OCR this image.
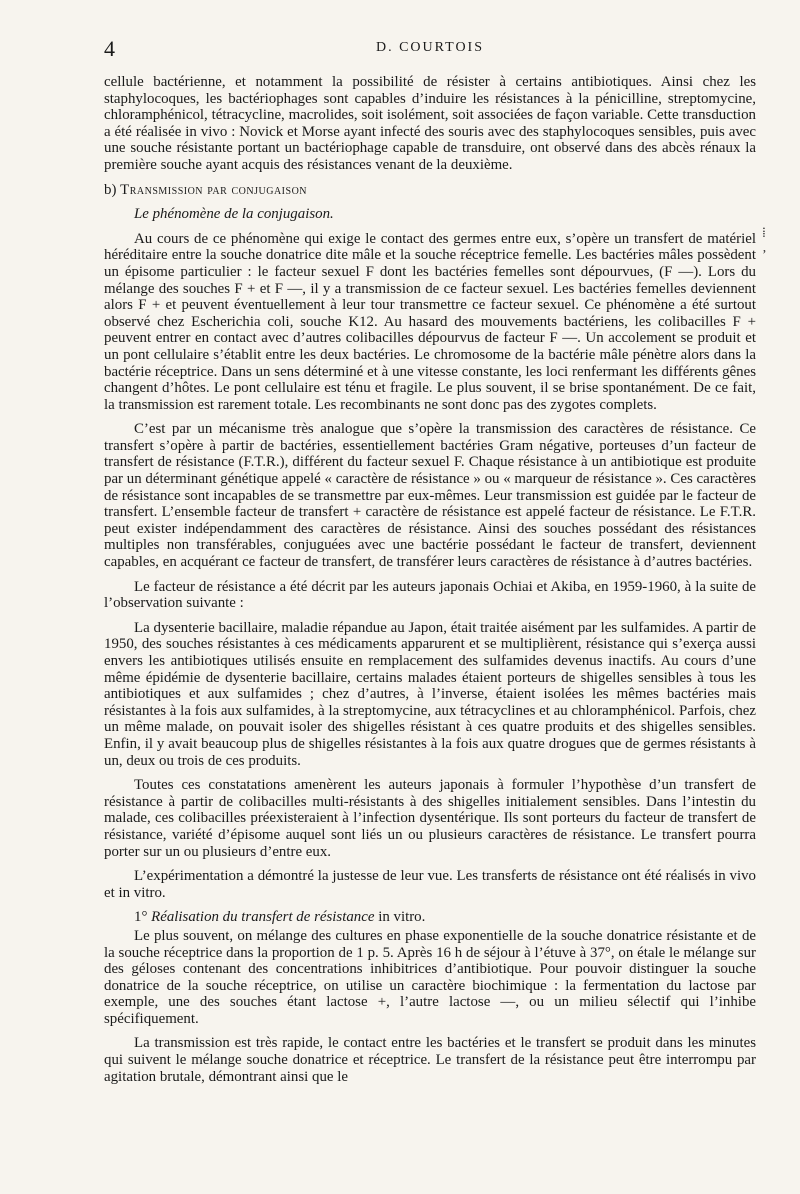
4	D. COURTOIS
⁞
ʼ

cellule bactérienne, et notamment la possibilité de résister à certains antibiotiques. Ainsi chez les staphylocoques, les bactériophages sont capables d’induire les résistances à la pénicilline, streptomycine, chloramphénicol, tétracycline, macrolides, soit isolément, soit associées de façon variable. Cette transduction a été réalisée in vivo : Novick et Morse ayant infecté des souris avec des staphylocoques sensibles, puis avec une souche résistante portant un bactériophage capable de transduire, ont observé dans des abcès rénaux la première souche ayant acquis des résistances venant de la deuxième.

b) Transmission par conjugaison

Le phénomène de la conjugaison.

Au cours de ce phénomène qui exige le contact des germes entre eux, s’opère un transfert de matériel héréditaire entre la souche donatrice dite mâle et la souche réceptrice femelle. Les bactéries mâles possèdent un épisome particulier : le facteur sexuel F dont les bactéries femelles sont dépourvues, (F —). Lors du mélange des souches F + et F —, il y a transmission de ce facteur sexuel. Les bactéries femelles deviennent alors F + et peuvent éventuellement à leur tour transmettre ce facteur sexuel. Ce phénomène a été surtout observé chez Escherichia coli, souche K12. Au hasard des mouvements bactériens, les colibacilles F + peuvent entrer en contact avec d’autres colibacilles dépourvus de facteur F —. Un accolement se produit et un pont cellulaire s’établit entre les deux bactéries. Le chromosome de la bactérie mâle pénètre alors dans la bactérie réceptrice. Dans un sens déterminé et à une vitesse constante, les loci renfermant les différents gênes changent d’hôtes. Le pont cellulaire est ténu et fragile. Le plus souvent, il se brise spontanément. De ce fait, la transmission est rarement totale. Les recombinants ne sont donc pas des zygotes complets.

C’est par un mécanisme très analogue que s’opère la transmission des caractères de résistance. Ce transfert s’opère à partir de bactéries, essentiellement bactéries Gram négative, porteuses d’un facteur de transfert de résistance (F.T.R.), différent du facteur sexuel F. Chaque résistance à un antibiotique est produite par un déterminant génétique appelé « caractère de résistance » ou « marqueur de résistance ». Ces caractères de résistance sont incapables de se transmettre par eux-mêmes. Leur transmission est guidée par le facteur de transfert. L’ensemble facteur de transfert + caractère de résistance est appelé facteur de résistance. Le F.T.R. peut exister indépendamment des caractères de résistance. Ainsi des souches possédant des résistances multiples non transférables, conjuguées avec une bactérie possédant le facteur de transfert, deviennent capables, en acquérant ce facteur de transfert, de transférer leurs caractères de résistance à d’autres bactéries.

Le facteur de résistance a été décrit par les auteurs japonais Ochiai et Akiba, en 1959-1960, à la suite de l’observation suivante :

La dysenterie bacillaire, maladie répandue au Japon, était traitée aisément par les sulfamides. A partir de 1950, des souches résistantes à ces médicaments apparurent et se multiplièrent, résistance qui s’exerça aussi envers les antibiotiques utilisés ensuite en remplacement des sulfamides devenus inactifs. Au cours d’une même épidémie de dysenterie bacillaire, certains malades étaient porteurs de shigelles sensibles à tous les antibiotiques et aux sulfamides ; chez d’autres, à l’inverse, étaient isolées les mêmes bactéries mais résistantes à la fois aux sulfamides, à la streptomycine, aux tétracyclines et au chloramphénicol. Parfois, chez un même malade, on pouvait isoler des shigelles résistant à ces quatre produits et des shigelles sensibles. Enfin, il y avait beaucoup plus de shigelles résistantes à la fois aux quatre drogues que de germes résistants à un, deux ou trois de ces produits.

Toutes ces constatations amenèrent les auteurs japonais à formuler l’hypothèse d’un transfert de résistance à partir de colibacilles multi-résistants à des shigelles initialement sensibles. Dans l’intestin du malade, ces colibacilles préexisteraient à l’infection dysentérique. Ils sont porteurs du facteur de transfert de résistance, variété d’épisome auquel sont liés un ou plusieurs caractères de résistance. Le transfert pourra porter sur un ou plusieurs d’entre eux.

L’expérimentation a démontré la justesse de leur vue. Les transferts de résistance ont été réalisés in vivo et in vitro.

1° Réalisation du transfert de résistance in vitro.

Le plus souvent, on mélange des cultures en phase exponentielle de la souche donatrice résistante et de la souche réceptrice dans la proportion de 1 p. 5. Après 16 h de séjour à l’étuve à 37°, on étale le mélange sur des géloses contenant des concentrations inhibitrices d’antibiotique. Pour pouvoir distinguer la souche donatrice de la souche réceptrice, on utilise un caractère biochimique : la fermentation du lactose par exemple, une des souches étant lactose +, l’autre lactose —, ou un milieu sélectif qui l’inhibe spécifiquement.

La transmission est très rapide, le contact entre les bactéries et le transfert se produit dans les minutes qui suivent le mélange souche donatrice et réceptrice. Le transfert de la résistance peut être interrompu par agitation brutale, démontrant ainsi que le
